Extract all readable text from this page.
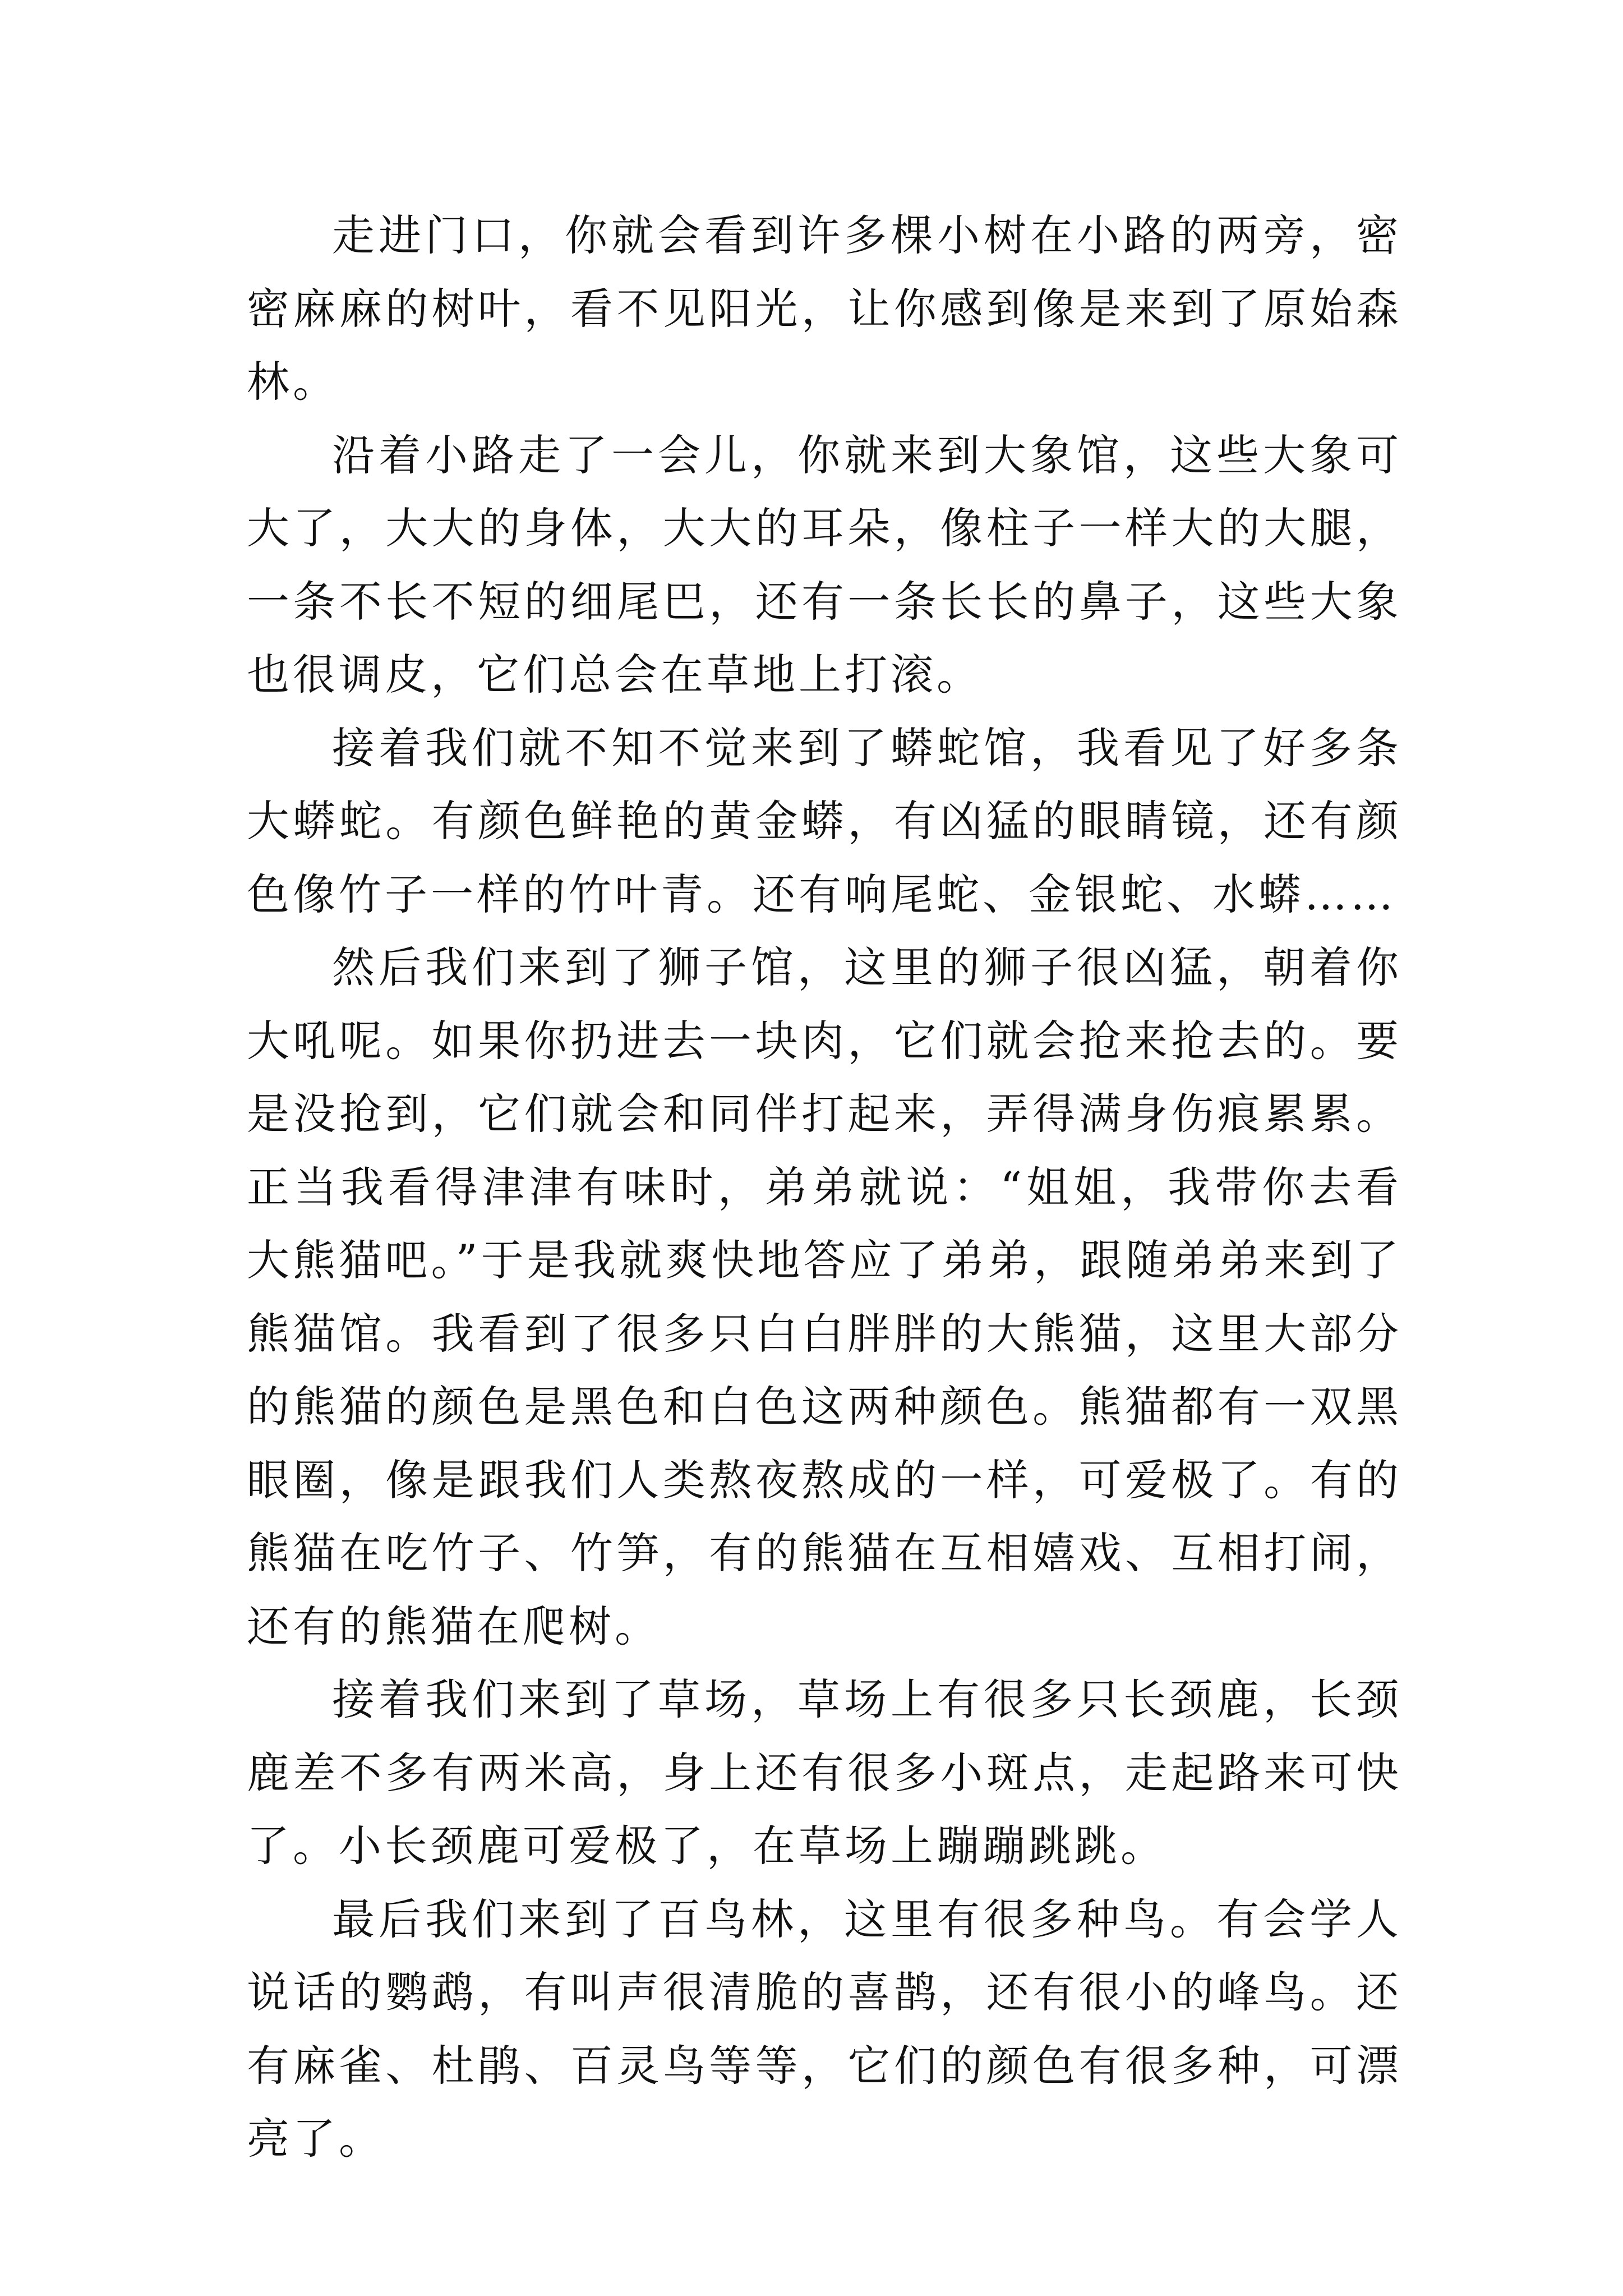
走进门口，你就会看到许多棵小树在小路的两旁，密密麻麻的树叶，看不见阳光，让你感到像是来到了原始森林。

沿着小路走了一会儿，你就来到大象馆，这些大象可大了，大大的身体，大大的耳朵，像柱子一样大的大腿，一条不长不短的细尾巴，还有一条长长的鼻子，这些大象也很调皮，它们总会在草地上打滚。

接着我们就不知不觉来到了蟒蛇馆，我看见了好多条大蟒蛇。有颜色鲜艳的黄金蟒，有凶猛的眼睛镜，还有颜色像竹子一样的竹叶青。还有响尾蛇、金银蛇、水蟒……

然后我们来到了狮子馆，这里的狮子很凶猛，朝着你大吼呢。如果你扔进去一块肉，它们就会抢来抢去的。要是没抢到，它们就会和同伴打起来，弄得满身伤痕累累。正当我看得津津有味时，弟弟就说：“姐姐，我带你去看大熊猫吧。”于是我就爽快地答应了弟弟，跟随弟弟来到了熊猫馆。我看到了很多只白白胖胖的大熊猫，这里大部分的熊猫的颜色是黑色和白色这两种颜色。熊猫都有一双黑眼圈，像是跟我们人类熬夜熬成的一样，可爱极了。有的熊猫在吃竹子、竹笋，有的熊猫在互相嬉戏、互相打闹，还有的熊猫在爬树。

接着我们来到了草场，草场上有很多只长颈鹿，长颈鹿差不多有两米高，身上还有很多小斑点，走起路来可快了。小长颈鹿可爱极了，在草场上蹦蹦跳跳。

最后我们来到了百鸟林，这里有很多种鸟。有会学人说话的鹦鹉，有叫声很清脆的喜鹊，还有很小的峰鸟。还有麻雀、杜鹃、百灵鸟等等，它们的颜色有很多种，可漂亮了。
